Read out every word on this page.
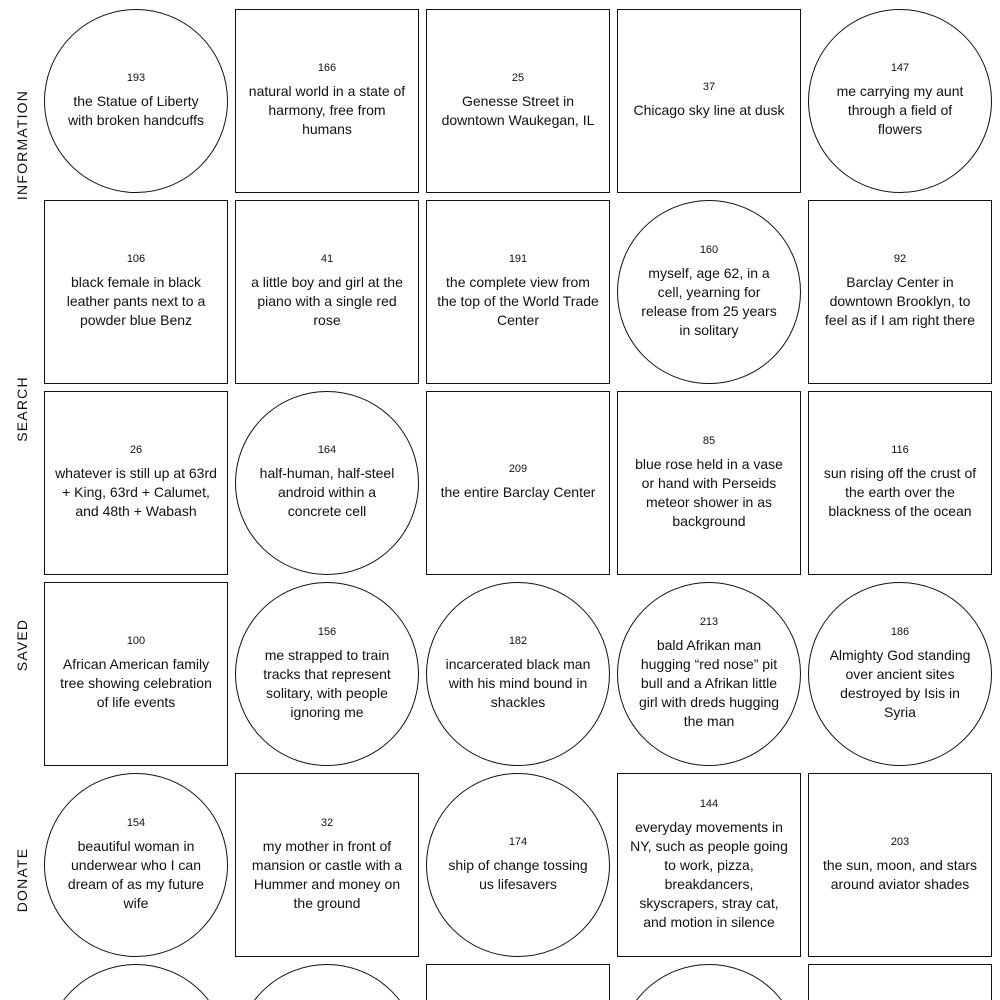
INFORMATION
SEARCH
SAVED
DONATE
193
the Statue of Liberty with broken handcuffs
166
natural world in a state of harmony, free from humans
25
Genesse Street in downtown Waukegan, IL
37
Chicago sky line at dusk
147
me carrying my aunt through a field of flowers
106
black female in black leather pants next to a powder blue Benz
41
a little boy and girl at the piano with a single red rose
191
the complete view from the top of the World Trade Center
160
myself, age 62, in a cell, yearning for release from 25 years in solitary
92
Barclay Center in downtown Brooklyn, to feel as if I am right there
26
whatever is still up at 63rd + King, 63rd + Calumet, and 48th + Wabash
164
half-human, half-steel android within a concrete cell
209
the entire Barclay Center
85
blue rose held in a vase or hand with Perseids meteor shower in as background
116
sun rising off the crust of the earth over the blackness of the ocean
100
African American family tree showing celebration of life events
156
me strapped to train tracks that represent solitary, with people ignoring me
182
incarcerated black man with his mind bound in shackles
213
bald Afrikan man hugging “red nose” pit bull and a Afrikan little girl with dreds hugging the man
186
Almighty God standing over ancient sites destroyed by Isis in Syria
154
beautiful woman in underwear who I can dream of as my future wife
32
my mother in front of mansion or castle with a Hummer and money on the ground
174
ship of change tossing us lifesavers
144
everyday movements in NY, such as people going to work, pizza, breakdancers, skyscrapers, stray cat, and motion in silence
203
the sun, moon, and stars around aviator shades
